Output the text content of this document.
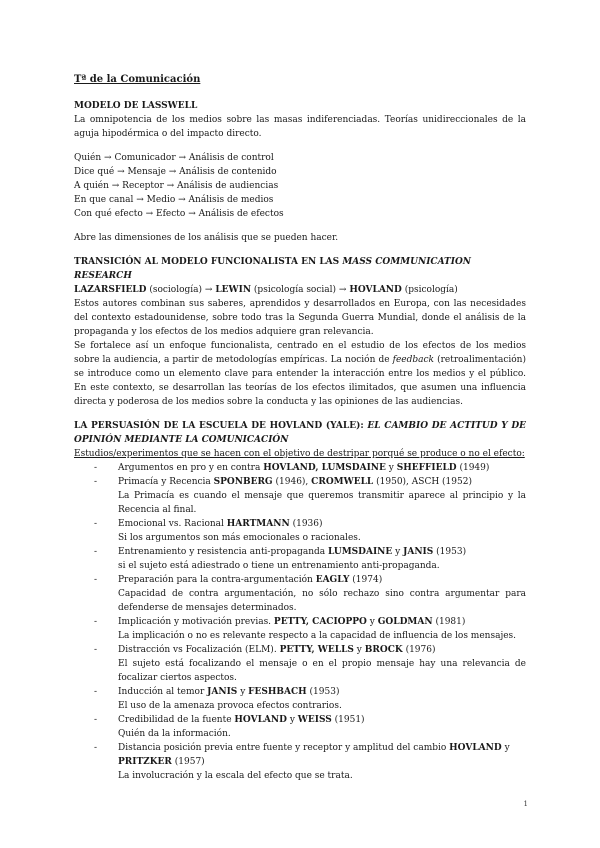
Tª de la Comunicación
MODELO DE LASSWELL

La omnipotencia de los medios sobre las masas indiferenciadas. Teorías unidireccionales de la aguja hipodérmica o del impacto directo.

Quién → Comunicador → Análisis de control
Dice qué → Mensaje → Análisis de contenido
A quién → Receptor → Análisis de audiencias
En que canal → Medio → Análisis de medios
Con qué efecto → Efecto → Análisis de efectos

Abre las dimensiones de los análisis que se pueden hacer.

TRANSICIÓN AL MODELO FUNCIONALISTA EN LAS MASS COMMUNICATION RESEARCH
LAZARSFIELD (sociología) → LEWIN (psicología social) → HOVLAND (psicología)

Estos autores combinan sus saberes, aprendidos y desarrollados en Europa, con las necesidades del contexto estadounidense, sobre todo tras la Segunda Guerra Mundial, donde el análisis de la propaganda y los efectos de los medios adquiere gran relevancia.

Se fortalece así un enfoque funcionalista, centrado en el estudio de los efectos de los medios sobre la audiencia, a partir de metodologías empíricas. La noción de feedback (retroalimentación) se introduce como un elemento clave para entender la interacción entre los medios y el público. En este contexto, se desarrollan las teorías de los efectos ilimitados, que asumen una influencia directa y poderosa de los medios sobre la conducta y las opiniones de las audiencias.

LA PERSUASIÓN DE LA ESCUELA DE HOVLAND (YALE): EL CAMBIO DE ACTITUD Y DE OPINIÓN MEDIANTE LA COMUNICACIÓN
Estudios/experimentos que se hacen con el objetivo de destripar porqué se produce o no el efecto:
- Argumentos en pro y en contra HOVLAND, LUMSDAINE y SHEFFIELD (1949)
- Primacía y Recencia SPONBERG (1946), CROMWELL (1950), ASCH (1952)
La Primacía es cuando el mensaje que queremos transmitir aparece al principio y la Recencia al final.
- Emocional vs. Racional HARTMANN (1936)
Si los argumentos son más emocionales o racionales.
- Entrenamiento y resistencia anti-propaganda LUMSDAINE y JANIS (1953)
si el sujeto está adiestrado o tiene un entrenamiento anti-propaganda.
- Preparación para la contra-argumentación EAGLY (1974)
Capacidad de contra argumentación, no sólo rechazo sino contra argumentar para defenderse de mensajes determinados.
- Implicación y motivación previas. PETTY, CACIOPPO y GOLDMAN (1981)
La implicación o no es relevante respecto a la capacidad de influencia de los mensajes.
- Distracción vs Focalización (ELM). PETTY, WELLS y BROCK (1976)
El sujeto está focalizando el mensaje o en el propio mensaje hay una relevancia de focalizar ciertos aspectos.
- Inducción al temor JANIS y FESHBACH (1953)
El uso de la amenaza provoca efectos contrarios.
- Credibilidad de la fuente HOVLAND y WEISS (1951)
Quién da la información.
- Distancia posición previa entre fuente y receptor y amplitud del cambio HOVLAND y PRITZKER (1957)
La involucración y la escala del efecto que se trata.
1
